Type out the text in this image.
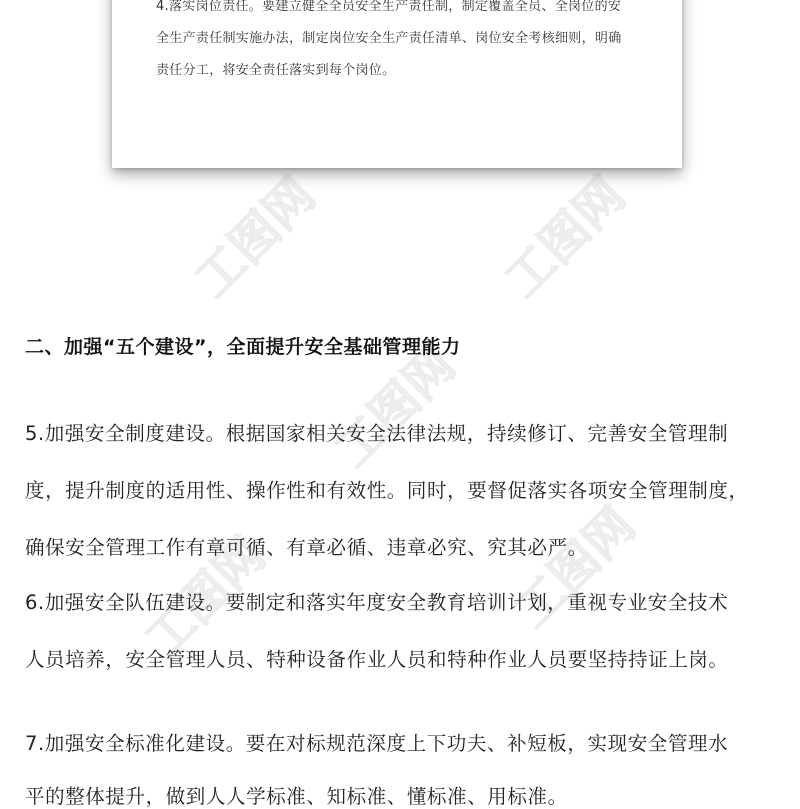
工图网	工图网
工图网
工图网
工图网
4.落实岗位责任。要建立健全全员安全生产责任制，制定覆盖全员、全岗位的安
全生产责任制实施办法，制定岗位安全生产责任清单、岗位安全考核细则，明确
责任分工，将安全责任落实到每个岗位。
二、加强“五个建设”，全面提升安全基础管理能力
5.加强安全制度建设。根据国家相关安全法律法规，持续修订、完善安全管理制
度，提升制度的适用性、操作性和有效性。同时，要督促落实各项安全管理制度，
确保安全管理工作有章可循、有章必循、违章必究、究其必严。
6.加强安全队伍建设。要制定和落实年度安全教育培训计划，重视专业安全技术
人员培养，安全管理人员、特种设备作业人员和特种作业人员要坚持持证上岗。
7.加强安全标准化建设。要在对标规范深度上下功夫、补短板，实现安全管理水
平的整体提升，做到人人学标准、知标准、懂标准、用标准。
